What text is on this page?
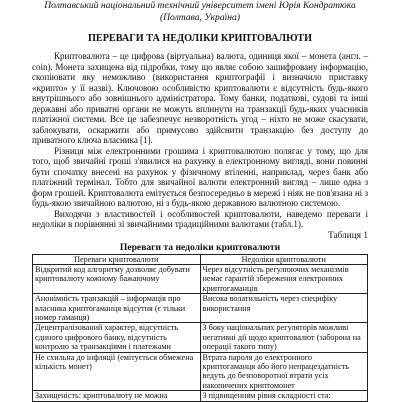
Полтавський національний технічний університет імені Юрія Кондратюка
(Полтава, Україна)
ПЕРЕВАГИ ТА НЕДОЛІКИ КРИПТОВАЛЮТИ

Криптовалюта – це цифрова (віртуальна) валюта, одиниця якої – монета (англ. – coin). Монета захищена від підробки, тому що являє собою зашифровану інформацію, скопіювати яку неможливо (використання криптографії і визначило приставку «крипто» у її назві). Ключовою особливістю криптовалюти є відсутність будь-якого внутрішнього або зовнішнього адміністратора. Тому банки, податкові, судові та інші державні або приватні органи не можуть вплинути на транзакції будь-яких учасників платіжної системи. Все це забезпечує незворотність угод – ніхто не може скасувати, заблокувати, оскаржити або примусово здійснити транзакцію без доступу до приватного ключа власника [1].

Різниця між електронними грошима і криптовалютою полягає у тому, що для того, щоб звичайні гроші з'явилися на рахунку в електронному вигляді, вони повинні бути спочатку внесені на рахунок у фізичному втіленні, наприклад, через банк або платіжний термінал. Тобто для звичайної валюти електронний вигляд – лише одна з форм грошей. Криптовалюта емітується безпосередньо в мережі і ніяк не пов'язана ні з будь-якою звичайною валютою, ні з будь-якою державною валютною системою.

Виходячи з властивостей і особливостей криптовалюти, наведемо переваги і недоліки в порівнянні зі звичайними традиційними валютами (табл.1).

Таблиця 1
Переваги та недоліки криптовалюти
Переваги криптовалюти	Недоліки криптовалюти
Відкритий код алгоритму дозволяє добувати криптовалюту кожному бажаючому	Через відсутність регулюючих механізмів немає гарантій збереження електронних криптогаманців
Анонімність транзакцій – інформація про власника криптогаманця відсутня (є тільки номер гаманця)	Висока волатильність через специфіку використання
Децентралізований характер, відсутність єдиного цифрового банку, відсутність контролю за транзакціями і платежами	З боку національних регуляторів можливі негативні дії щодо криптовалют (заборона на операції такого типу)
Не схильна до інфляції (емітується обмежена кількість монет)	Втрата пароля до електронного криптогаманця або його непрацездатність ведуть до безповоротної втрати усіх накопичених криптомонет
Захищеність: криптовалюту не можна	З підвищенням рівня складності ста:
